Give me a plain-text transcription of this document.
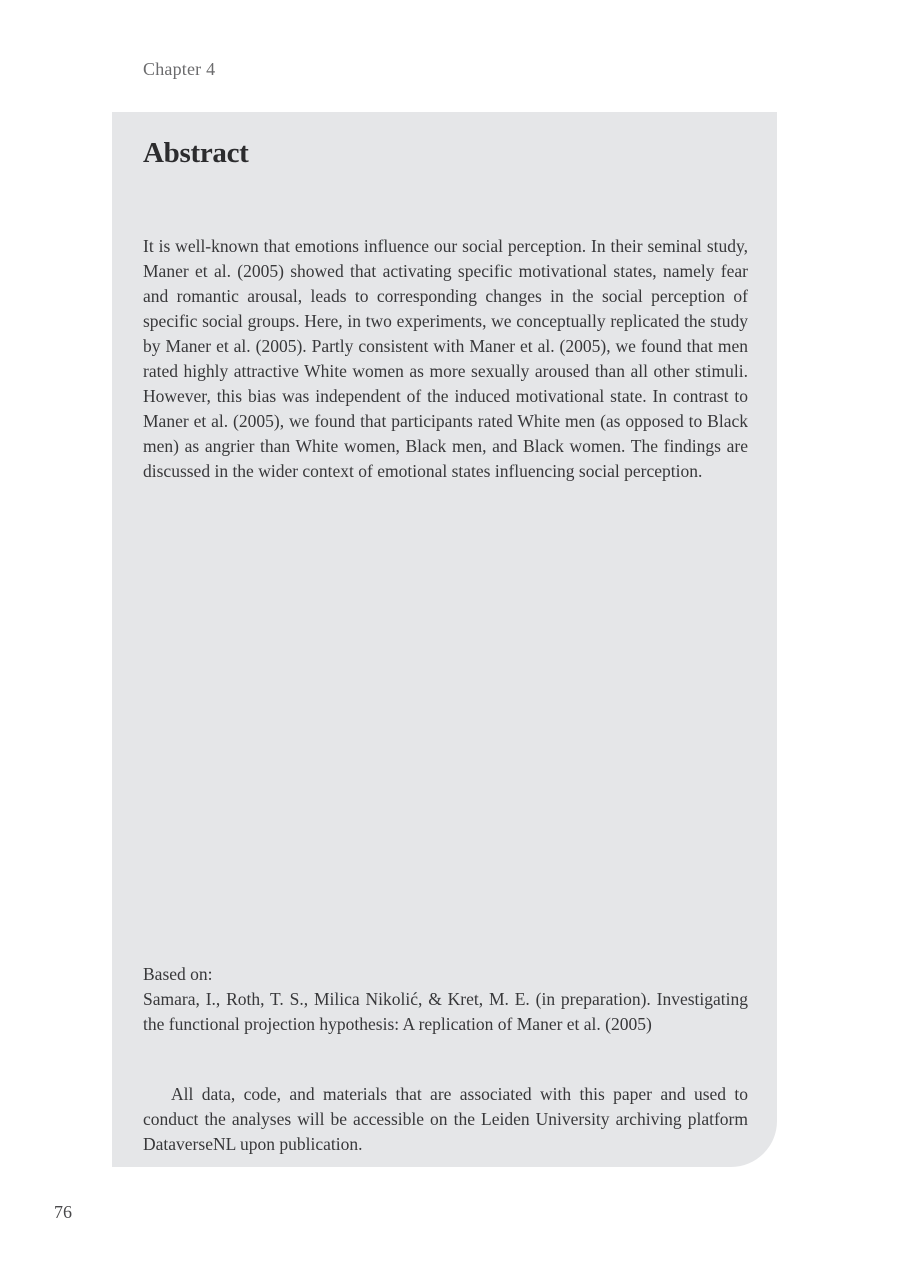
Chapter 4
Abstract

It is well-known that emotions influence our social perception. In their seminal study, Maner et al. (2005) showed that activating specific motivational states, namely fear and romantic arousal, leads to corresponding changes in the social perception of specific social groups. Here, in two experiments, we conceptually replicated the study by Maner et al. (2005). Partly consistent with Maner et al. (2005), we found that men rated highly attractive White women as more sexually aroused than all other stimuli. However, this bias was independent of the induced motivational state. In contrast to Maner et al. (2005), we found that participants rated White men (as opposed to Black men) as angrier than White women, Black men, and Black women. The findings are discussed in the wider context of emotional states influencing social perception.

Based on:
Samara, I., Roth, T. S., Milica Nikolić, & Kret, M. E. (in preparation). Investigating the functional projection hypothesis: A replication of Maner et al. (2005)

All data, code, and materials that are associated with this paper and used to conduct the analyses will be accessible on the Leiden University archiving platform DataverseNL upon publication.

76
